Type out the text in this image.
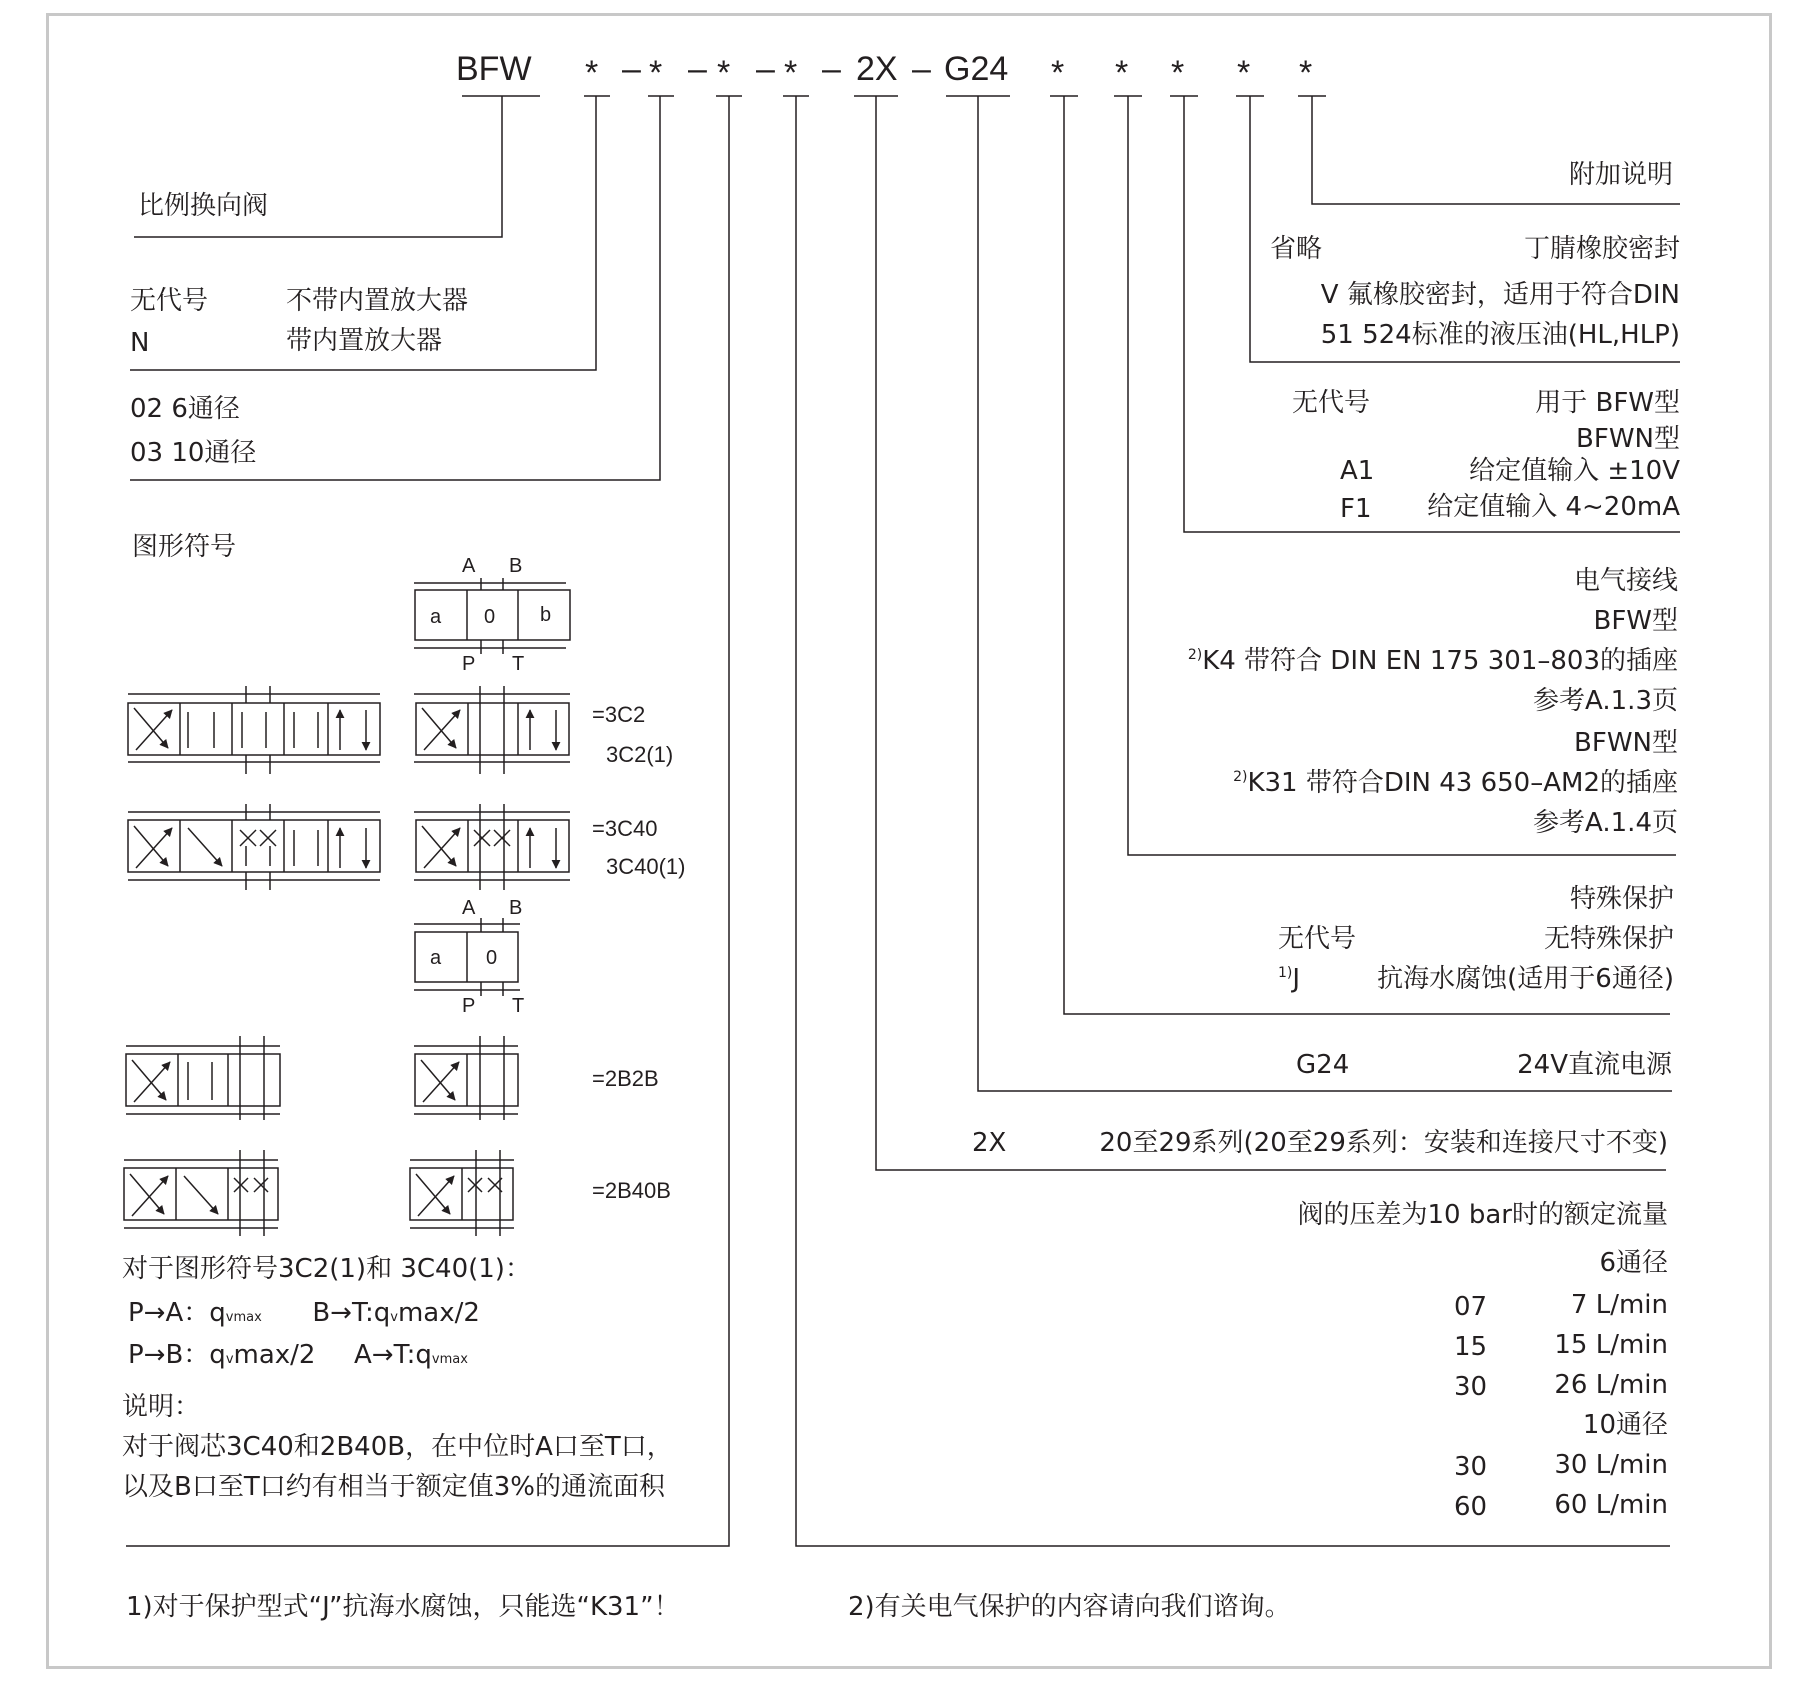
BFW * – * – * – * – 2X – G24 * * * * *
比例换向阀
无代号	不带内置放大器
N	带内置放大器
02 6通径
03 10通径
图形符号
A B
a 0 b
P T
=3C2
3C2(1)
=3C40
3C40(1)
A B
a 0
P T
=2B2B
=2B40B
对于图形符号3C2(1)和 3C40(1)：
P→A：qvmax B→T:qvmax/2
P→B：qvmax/2 A→T:qvmax
说明：
对于阀芯3C40和2B40B，在中位时A口至T口，
以及B口至T口约有相当于额定值3%的通流面积
附加说明
省略	丁腈橡胶密封
V 氟橡胶密封，适用于符合DIN
51 524标准的液压油(HL,HLP)
无代号	用于 BFW型
BFWN型
A1	给定值输入 ±10V
F1 给定值输入 4~20mA
电气接线
BFW型
$^{2)}$K4 带符合 DIN EN 175 301–803的插座
参考A.1.3页
BFWN型
$^{2)}$K31 带符合DIN 43 650–AM2的插座
参考A.1.4页
特殊保护
无代号	无特殊保护
$^{1)}$J	抗海水腐蚀(适用于6通径)
G24	24V直流电源
2X	20至29系列(20至29系列：安装和连接尺寸不变)
阀的压差为10 bar时的额定流量
6通径
07	7 L/min
15	15 L/min
30	26 L/min
10通径
30	30 L/min
60	60 L/min
1)对于保护型式“J”抗海水腐蚀，只能选“K31”！	2)有关电气保护的内容请向我们谘询。
